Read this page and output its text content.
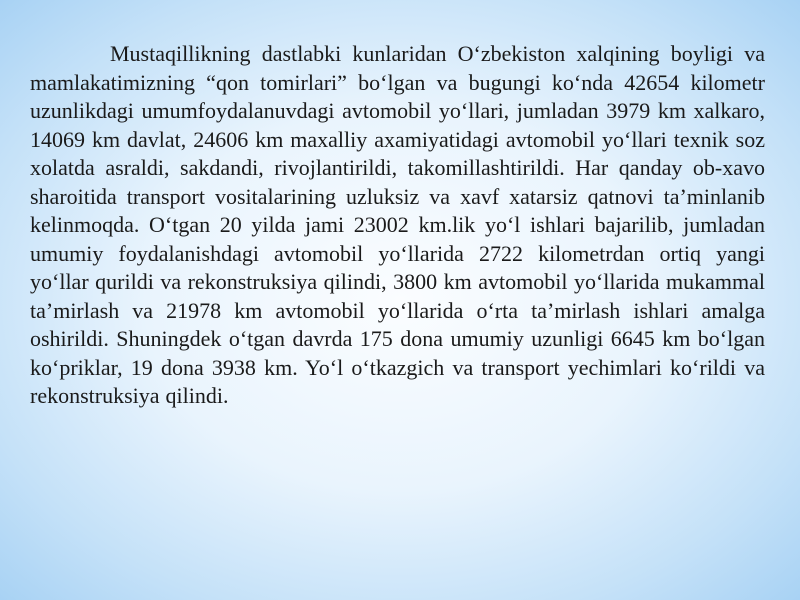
Mustaqillikning dastlabki kunlaridan O‘zbekiston xalqining boyligi va mamlakatimizning “qon tomirlari” bo‘lgan va bugungi ko‘nda 42654 kilometr uzunlikdagi umumfoydalanuvdagi avtomobil yo‘llari, jumladan 3979 km xalkaro, 14069 km davlat, 24606 km maxalliy axamiyatidagi avtomobil yo‘llari texnik soz xolatda asraldi, sakdandi, rivojlantirildi, takomillashtirildi. Har qanday ob-xavo sharoitida transport vositalarining uzluksiz va xavf xatarsiz qatnovi ta’minlanib kelinmoqda. O‘tgan 20 yilda jami 23002 km.lik yo‘l ishlari bajarilib, jumladan umumiy foydalanishdagi avtomobil yo‘llarida 2722 kilometrdan ortiq yangi yo‘llar qurildi va rekonstruksiya qilindi, 3800 km avtomobil yo‘llarida mukammal ta’mirlash va 21978 km avtomobil yo‘llarida o‘rta ta’mirlash ishlari amalga oshirildi. Shuningdek o‘tgan davrda 175 dona umumiy uzunligi 6645 km bo‘lgan ko‘priklar, 19 dona 3938 km. Yo‘l o‘tkazgich va transport yechimlari ko‘rildi va rekonstruksiya qilindi.
